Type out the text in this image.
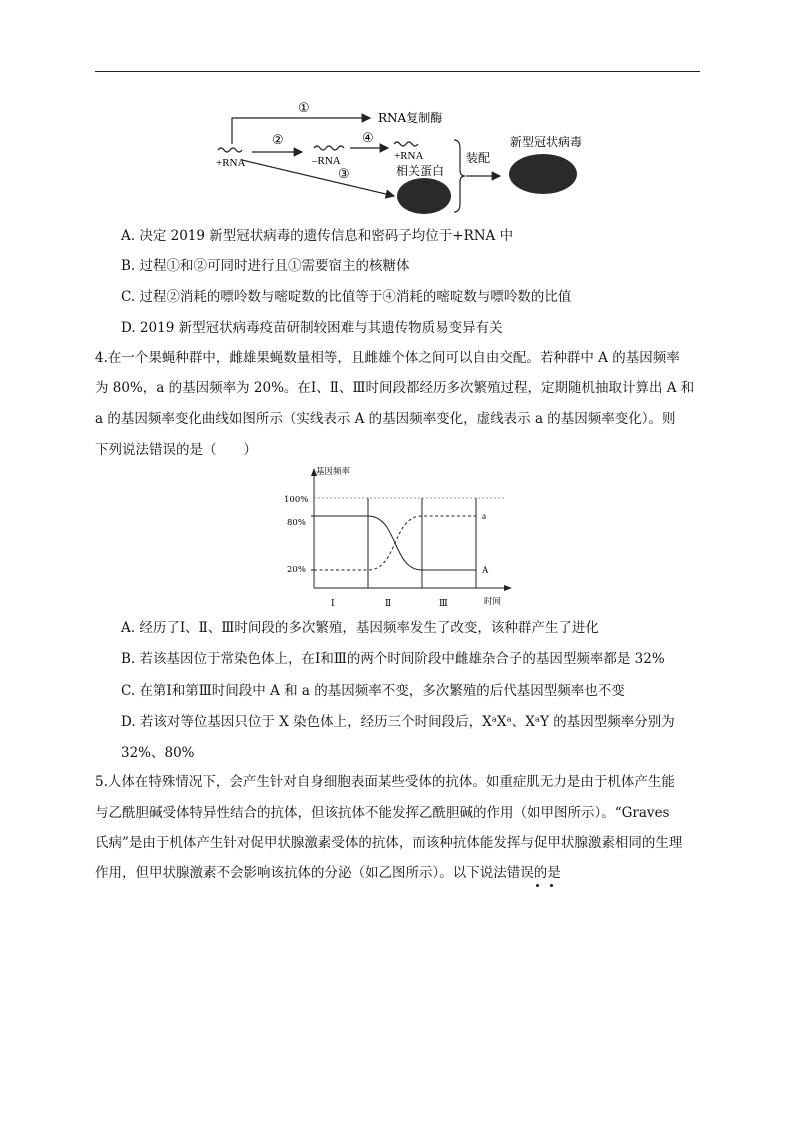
+RNA
①
RNA复制酶
②
–RNA
④
+RNA
相关蛋白
③
装配
新型冠状病毒
A. 决定 2019 新型冠状病毒的遗传信息和密码子均位于+RNA 中
B. 过程①和②可同时进行且①需要宿主的核糖体
C. 过程②消耗的嘌呤数与嘧啶数的比值等于④消耗的嘧啶数与嘌呤数的比值
D. 2019 新型冠状病毒疫苗研制较困难与其遗传物质易变异有关
4.在一个果蝇种群中，雌雄果蝇数量相等，且雌雄个体之间可以自由交配。若种群中 A 的基因频率
为 80%，a 的基因频率为 20%。在Ⅰ、Ⅱ、Ⅲ时间段都经历多次繁殖过程，定期随机抽取计算出 A 和
a 的基因频率变化曲线如图所示（实线表示 A 的基因频率变化，虚线表示 a 的基因频率变化）。则
下列说法错误的是（　　）
基因频率
时间
100%
80%
20%
Ⅰ	Ⅱ	Ⅲ
A
a
A. 经历了Ⅰ、Ⅱ、Ⅲ时间段的多次繁殖，基因频率发生了改变，该种群产生了进化
B. 若该基因位于常染色体上，在Ⅰ和Ⅲ的两个时间阶段中雌雄杂合子的基因型频率都是 32%
C. 在第Ⅰ和第Ⅲ时间段中 A 和 a 的基因频率不变，多次繁殖的后代基因型频率也不变
D. 若该对等位基因只位于 X 染色体上，经历三个时间段后，XᵃXᵃ、XᵃY 的基因型频率分别为
32%、80%
5.人体在特殊情况下，会产生针对自身细胞表面某些受体的抗体。如重症肌无力是由于机体产生能
与乙酰胆碱受体特异性结合的抗体，但该抗体不能发挥乙酰胆碱的作用（如甲图所示）。“Graves
氏病”是由于机体产生针对促甲状腺激素受体的抗体，而该种抗体能发挥与促甲状腺激素相同的生理
作用，但甲状腺激素不会影响该抗体的分泌（如乙图所示）。以下说法错误的是
